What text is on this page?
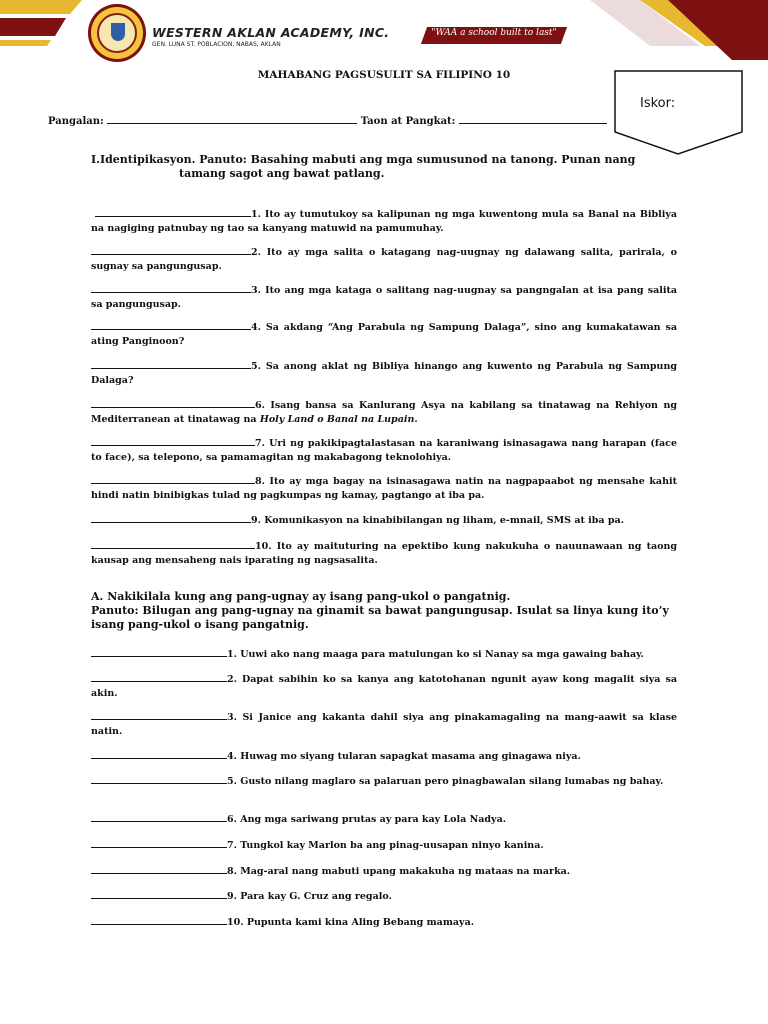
WESTERN AKLAN ACADEMY, INC.
GEN. LUNA ST. POBLACION, NABAS, AKLAN
"WAA a school built to last"
MAHABANG PAGSUSULIT SA FILIPINO 10
Iskor:
Pangalan:	Taon at Pangkat:
I.Identipikasyon. Panuto: Basahing mabuti ang mga sumusunod na tanong. Punan nang
tamang sagot ang bawat patlang.
1. Ito ay tumutukoy sa kalipunan ng mga kuwentong mula sa Banal na Bibliya na nagiging patnubay ng tao sa kanyang matuwid na pamumuhay.
2. Ito ay mga salita o katagang nag-uugnay ng dalawang salita, parirala, o sugnay sa pangungusap.
3. Ito ang mga kataga o salitang nag-uugnay sa pangngalan at isa pang salita sa pangungusap.
4. Sa akdang “Ang Parabula ng Sampung Dalaga”, sino ang kumakatawan sa ating Panginoon?
5. Sa anong aklat ng Bibliya hinango ang kuwento ng Parabula ng Sampung Dalaga?
6. Isang bansa sa Kanlurang Asya na kabilang sa tinatawag na Rehiyon ng Mediterranean at tinatawag na Holy Land o Banal na Lupain.
7. Uri ng pakikipagtalastasan na karaniwang isinasagawa nang harapan (face to face), sa telepono, sa pamamagitan ng makabagong teknolohiya.
8. Ito ay mga bagay na isinasagawa natin na nagpapaabot ng mensahe kahit hindi natin binibigkas tulad ng pagkumpas ng kamay, pagtango at iba pa.
9. Komunikasyon na kinabibilangan ng liham, e-mnail, SMS at iba pa.
10. Ito ay maituturing na epektibo kung nakukuha o nauunawaan ng taong kausap ang mensaheng nais iparating ng nagsasalita.
A. Nakikilala kung ang pang-ugnay ay isang pang-ukol o pangatnig.
Panuto: Bilugan ang pang-ugnay na ginamit sa bawat pangungusap. Isulat sa linya kung ito’y
isang pang-ukol o isang pangatnig.
1. Uuwi ako nang maaga para matulungan ko si Nanay sa mga gawaing bahay.
2. Dapat sabihin ko sa kanya ang katotohanan ngunit ayaw kong magalit siya sa akin.
3. Si Janice ang kakanta dahil siya ang pinakamagaling na mang-aawit sa klase natin.
4. Huwag mo siyang tularan sapagkat masama ang ginagawa niya.
5. Gusto nilang maglaro sa palaruan pero pinagbawalan silang lumabas ng bahay.
6. Ang mga sariwang prutas ay para kay Lola Nadya.
7. Tungkol kay Marlon ba ang pinag-uusapan ninyo kanina.
8. Mag-aral nang mabuti upang makakuha ng mataas na marka.
9. Para kay G. Cruz ang regalo.
10. Pupunta kami kina Aling Bebang mamaya.
